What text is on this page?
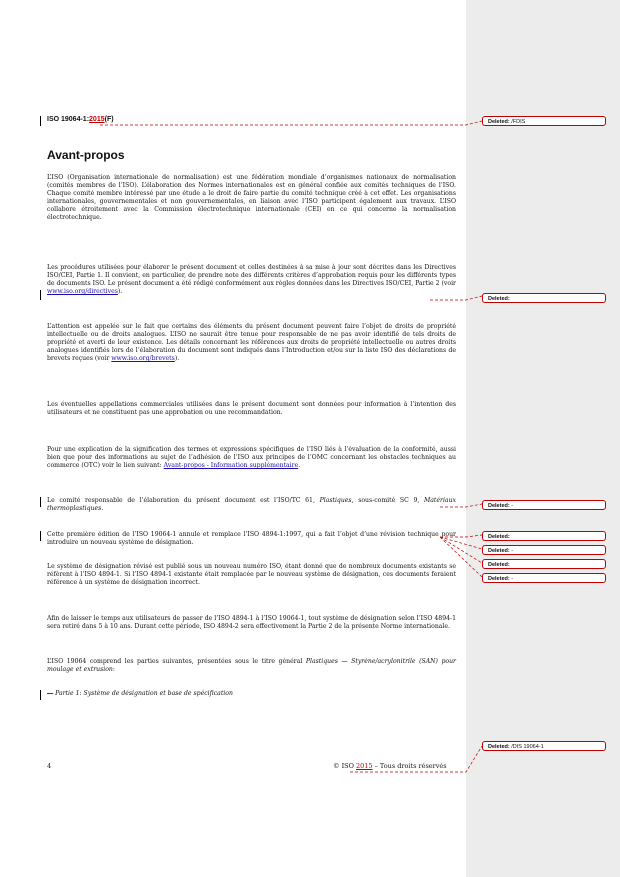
ISO 19064-1:2015(F)
Avant-propos

L’ISO (Organisation internationale de normalisation) est une fédération mondiale d’organismes nationaux de normalisation (comités membres de l’ISO). L’élaboration des Normes internationales est en général confiée aux comités techniques de l’ISO. Chaque comité membre intéressé par une étude a le droit de faire partie du comité technique créé à cet effet. Les organisations internationales, gouvernementales et non gouvernementales, en liaison avec l’ISO participent également aux travaux. L’ISO collabore étroitement avec la Commission électrotechnique internationale (CEI) en ce qui concerne la normalisation électrotechnique.

Les procédures utilisées pour élaborer le présent document et celles destinées à sa mise à jour sont décrites dans les Directives ISO/CEI, Partie 1. Il convient, en particulier, de prendre note des différents critères d’approbation requis pour les différents types de documents ISO. Le présent document a été rédigé conformément aux règles données dans les Directives ISO/CEI, Partie 2 (voir www.iso.org/directives).

L’attention est appelée sur le fait que certains des éléments du présent document peuvent faire l’objet de droits de propriété intellectuelle ou de droits analogues. L’ISO ne saurait être tenue pour responsable de ne pas avoir identifié de tels droits de propriété et averti de leur existence. Les détails concernant les références aux droits de propriété intellectuelle ou autres droits analogues identifiés lors de l’élaboration du document sont indiqués dans l’Introduction et/ou sur la liste ISO des déclarations de brevets reçues (voir www.iso.org/brevets).

Les éventuelles appellations commerciales utilisées dans le présent document sont données pour information à l’intention des utilisateurs et ne constituent pas une approbation ou une recommandation.

Pour une explication de la signification des termes et expressions spécifiques de l’ISO liés à l’évaluation de la conformité, aussi bien que pour des informations au sujet de l’adhésion de l’ISO aux principes de l’OMC concernant les obstacles techniques au commerce (OTC) voir le lien suivant: Avant-propos - Information supplémentaire.

Le comité responsable de l’élaboration du présent document est l’ISO/TC 61, Plastiques, sous-comité SC 9, Matériaux thermoplastiques.

Cette première édition de l’ISO 19064-1 annule et remplace l’ISO 4894-1:1997, qui a fait l’objet d’une révision technique pour introduire un nouveau système de désignation.

Le système de désignation révisé est publié sous un nouveau numéro ISO, étant donné que de nombreux documents existants se réfèrent à l’ISO 4894-1. Si l’ISO 4894-1 existante était remplacée par le nouveau système de désignation, ces documents feraient référence à un système de désignation incorrect.

Afin de laisser le temps aux utilisateurs de passer de l’ISO 4894-1 à l’ISO 19064-1, tout système de désignation selon l’ISO 4894-1 sera retiré dans 5 à 10 ans. Durant cette période, ISO 4894-2 sera effectivement la Partie 2 de la présente Norme internationale.

L’ISO 19064 comprend les parties suivantes, présentées sous le titre général Plastiques — Styrène/acrylonitrile (SAN) pour moulage et extrusion:

— Partie 1: Système de désignation et base de spécification

4	© ISO 2015 – Tous droits réservés
Deleted: /FDIS
Deleted:
Deleted: -
Deleted:
Deleted: -
Deleted:
Deleted: -
Deleted: /DIS 19064-1
